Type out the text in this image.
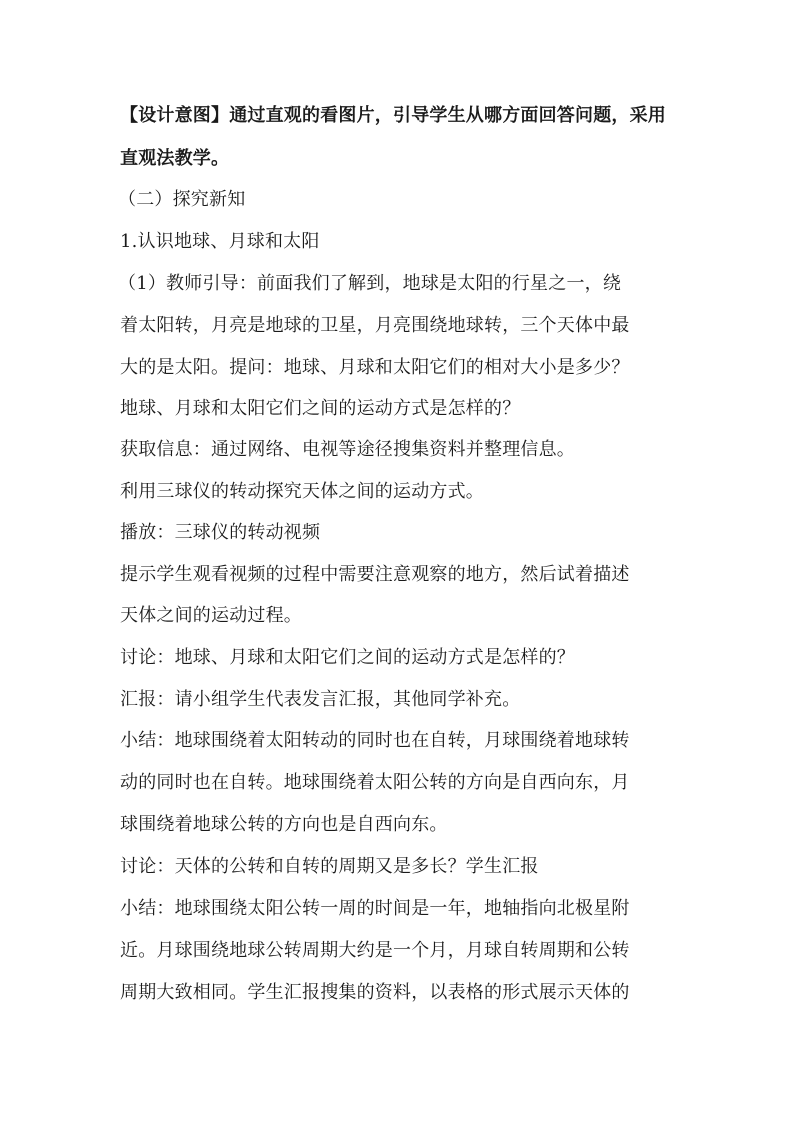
【设计意图】通过直观的看图片，引导学生从哪方面回答问题，采用
直观法教学。
（二）探究新知
1.认识地球、月球和太阳
（1）教师引导：前面我们了解到，地球是太阳的行星之一，绕
着太阳转，月亮是地球的卫星，月亮围绕地球转，三个天体中最
大的是太阳。提问：地球、月球和太阳它们的相对大小是多少？
地球、月球和太阳它们之间的运动方式是怎样的？
获取信息：通过网络、电视等途径搜集资料并整理信息。
利用三球仪的转动探究天体之间的运动方式。
播放：三球仪的转动视频
提示学生观看视频的过程中需要注意观察的地方，然后试着描述
天体之间的运动过程。
讨论：地球、月球和太阳它们之间的运动方式是怎样的？
汇报：请小组学生代表发言汇报，其他同学补充。
小结：地球围绕着太阳转动的同时也在自转，月球围绕着地球转
动的同时也在自转。地球围绕着太阳公转的方向是自西向东，月
球围绕着地球公转的方向也是自西向东。
讨论：天体的公转和自转的周期又是多长？学生汇报
小结：地球围绕太阳公转一周的时间是一年，地轴指向北极星附
近。月球围绕地球公转周期大约是一个月，月球自转周期和公转
周期大致相同。学生汇报搜集的资料，以表格的形式展示天体的
